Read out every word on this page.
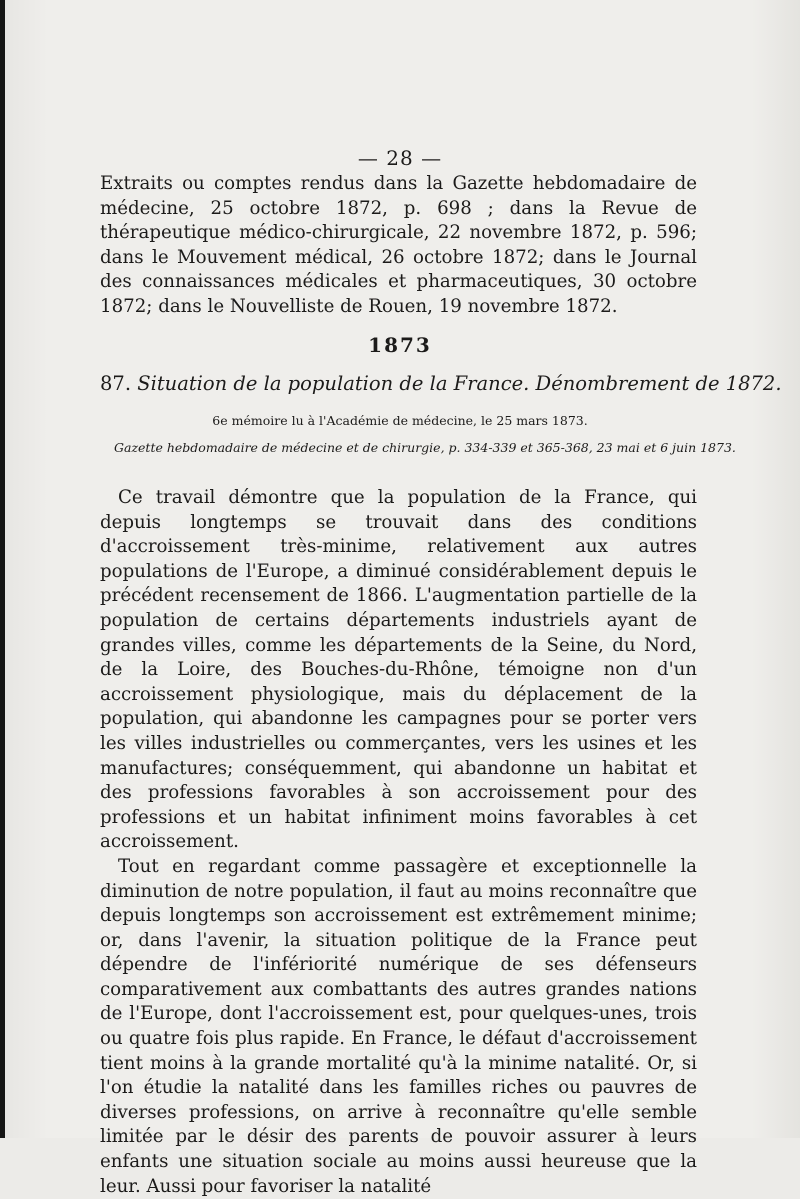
— 28 —

Extraits ou comptes rendus dans la Gazette hebdomadaire de médecine, 25 octobre 1872, p. 698 ; dans la Revue de thérapeutique médico-chirurgicale, 22 novembre 1872, p. 596; dans le Mouvement médical, 26 octobre 1872; dans le Journal des connaissances médicales et pharmaceutiques, 30 octobre 1872; dans le Nouvelliste de Rouen, 19 novembre 1872.

1873
87. Situation de la population de la France. Dénombrement de 1872.
6e mémoire lu à l'Académie de médecine, le 25 mars 1873.
Gazette hebdomadaire de médecine et de chirurgie, p. 334-339 et 365-368, 23 mai et 6 juin 1873.

Ce travail démontre que la population de la France, qui depuis longtemps se trouvait dans des conditions d'accroissement très-minime, relativement aux autres populations de l'Europe, a diminué considérablement depuis le précédent recensement de 1866. L'augmentation partielle de la population de certains départements industriels ayant de grandes villes, comme les départements de la Seine, du Nord, de la Loire, des Bouches-du-Rhône, témoigne non d'un accroissement physiologique, mais du déplacement de la population, qui abandonne les campagnes pour se porter vers les villes industrielles ou commerçantes, vers les usines et les manufactures; conséquemment, qui abandonne un habitat et des professions favorables à son accroissement pour des professions et un habitat infiniment moins favorables à cet accroissement.

Tout en regardant comme passagère et exceptionnelle la diminution de notre population, il faut au moins reconnaître que depuis longtemps son accroissement est extrêmement minime; or, dans l'avenir, la situation politique de la France peut dépendre de l'infériorité numérique de ses défenseurs comparativement aux combattants des autres grandes nations de l'Europe, dont l'accroissement est, pour quelques-unes, trois ou quatre fois plus rapide. En France, le défaut d'accroissement tient moins à la grande mortalité qu'à la minime natalité. Or, si l'on étudie la natalité dans les familles riches ou pauvres de diverses professions, on arrive à reconnaître qu'elle semble limitée par le désir des parents de pouvoir assurer à leurs enfants une situation sociale au moins aussi heureuse que la leur. Aussi pour favoriser la natalité
